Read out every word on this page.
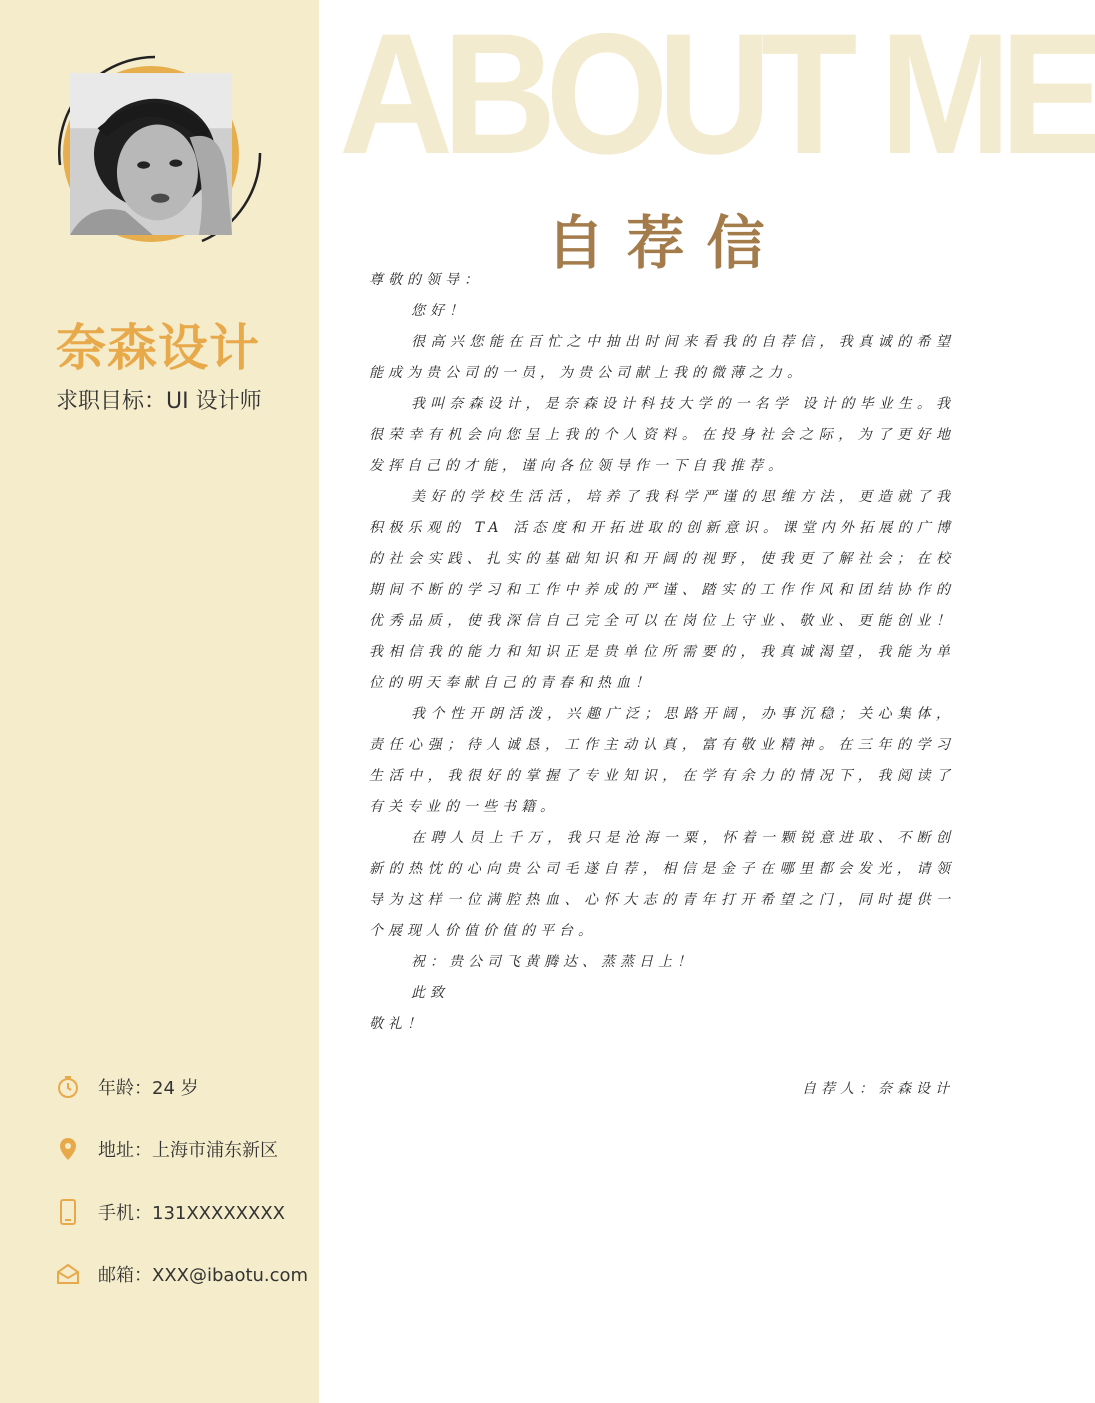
奈森设计

求职目标：UI 设计师

年龄：24 岁
地址：上海市浦东新区
手机：131XXXXXXXX
邮箱：XXX@ibaotu.com
ABOUT ME
自荐信

尊敬的领导：

您好！

很高兴您能在百忙之中抽出时间来看我的自荐信，我真诚的希望能成为贵公司的一员，为贵公司献上我的微薄之力。

我叫奈森设计，是奈森设计科技大学的一名学 设计的毕业生。我很荣幸有机会向您呈上我的个人资料。在投身社会之际，为了更好地发挥自己的才能，谨向各位领导作一下自我推荐。

美好的学校生活活，培养了我科学严谨的思维方法，更造就了我积极乐观的 TA 活态度和开拓进取的创新意识。课堂内外拓展的广博的社会实践、扎实的基础知识和开阔的视野，使我更了解社会；在校期间不断的学习和工作中养成的严谨、踏实的工作作风和团结协作的优秀品质，使我深信自己完全可以在岗位上守业、敬业、更能创业！我相信我的能力和知识正是贵单位所需要的，我真诚渴望，我能为单位的明天奉献自己的青春和热血！

我个性开朗活泼，兴趣广泛；思路开阔，办事沉稳；关心集体，责任心强；待人诚恳，工作主动认真，富有敬业精神。在三年的学习生活中，我很好的掌握了专业知识，在学有余力的情况下，我阅读了有关专业的一些书籍。

在聘人员上千万，我只是沧海一粟，怀着一颗锐意进取、不断创新的热忱的心向贵公司毛遂自荐，相信是金子在哪里都会发光，请领导为这样一位满腔热血、心怀大志的青年打开希望之门，同时提供一个展现人价值价值的平台。

祝：贵公司飞黄腾达、蒸蒸日上！

此致

敬礼！

自荐人：奈森设计
